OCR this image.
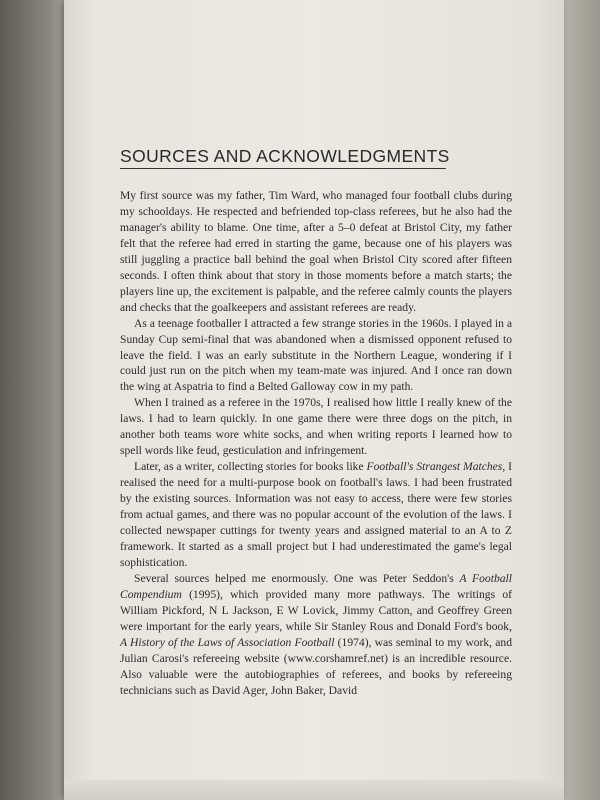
SOURCES AND ACKNOWLEDGMENTS

My first source was my father, Tim Ward, who managed four football clubs during my schooldays. He respected and befriended top-class referees, but he also had the manager's ability to blame. One time, after a 5–0 defeat at Bristol City, my father felt that the referee had erred in starting the game, because one of his players was still juggling a practice ball behind the goal when Bristol City scored after fifteen seconds. I often think about that story in those moments before a match starts; the players line up, the excitement is palpable, and the referee calmly counts the players and checks that the goalkeepers and assistant referees are ready.

As a teenage footballer I attracted a few strange stories in the 1960s. I played in a Sunday Cup semi-final that was abandoned when a dismissed opponent refused to leave the field. I was an early substitute in the Northern League, wondering if I could just run on the pitch when my team-mate was injured. And I once ran down the wing at Aspatria to find a Belted Galloway cow in my path.

When I trained as a referee in the 1970s, I realised how little I really knew of the laws. I had to learn quickly. In one game there were three dogs on the pitch, in another both teams wore white socks, and when writing reports I learned how to spell words like feud, gesticulation and infringement.

Later, as a writer, collecting stories for books like Football's Strangest Matches, I realised the need for a multi-purpose book on football's laws. I had been frustrated by the existing sources. Information was not easy to access, there were few stories from actual games, and there was no popular account of the evolution of the laws. I collected newspaper cuttings for twenty years and assigned material to an A to Z framework. It started as a small project but I had underestimated the game's legal sophistication.

Several sources helped me enormously. One was Peter Seddon's A Football Compendium (1995), which provided many more pathways. The writings of William Pickford, N L Jackson, E W Lovick, Jimmy Catton, and Geoffrey Green were important for the early years, while Sir Stanley Rous and Donald Ford's book, A History of the Laws of Association Football (1974), was seminal to my work, and Julian Carosi's refereeing website (www.corshamref.net) is an incredible resource. Also valuable were the autobiographies of referees, and books by refereeing technicians such as David Ager, John Baker, David
